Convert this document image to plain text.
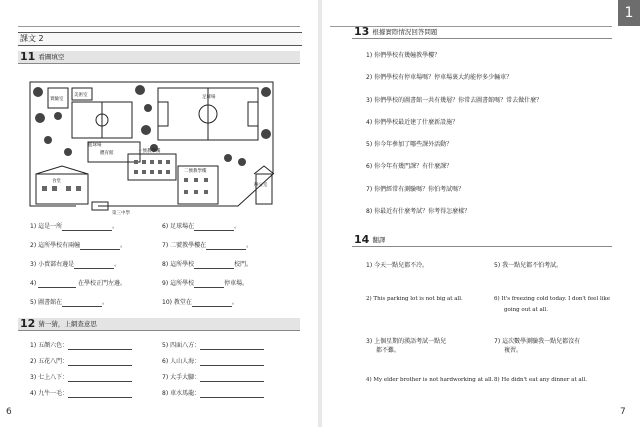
課文 2
11 看圖填空
實驗室
美術室
籃球場
體育館
足球場
一號教學樓
食堂
二號教學樓
辦公室
第三中學
1) 這是一所	。
2) 這所學校有兩幢	。
3) 小賣部右邊是	。
4)	在學校正門左邊。
5) 圖書館在	。
6) 足球場在	。
7) 二號教學樓在	。
8) 這所學校	校門。
9) 這所學校	停車場。
10) 教堂在	。
12 猜一猜，上網查意思
1) 五顏六色：
2) 五花八門：
3) 七上八下：
4) 九牛一毛：
5) 四面八方：
6) 人山人海：
7) 大手大腳：
8) 車水馬龍：
6
1
13 根據實際情況回答問題
1) 你們學校有幾幢教學樓？
2) 你們學校有停車場嗎？停車場裏大約能停多少輛車？
3) 你們學校的圖書館一共有幾層？你常去圖書館嗎？常去做什麼？
4) 你們學校最近建了什麼新設施？
5) 你今年參加了哪些課外活動？
6) 你今年有幾門課？有什麼課？
7) 你們經常有測驗嗎？你怕考試嗎？
8) 你最近有什麼考試？你考得怎麼樣？
14 翻譯
1) 今天一點兒都不冷。	5) 我一點兒都不怕考試。
2) This parking lot is not big at all.	6) It's freezing cold today. I don't feel like
going out at all.
3) 上個星期的漢語考試一點兒
都不難。
7) 這次數學測驗我一點兒都沒有
複習。
4) My elder brother is not hardworking at all. 8) He didn't eat any dinner at all.
7
